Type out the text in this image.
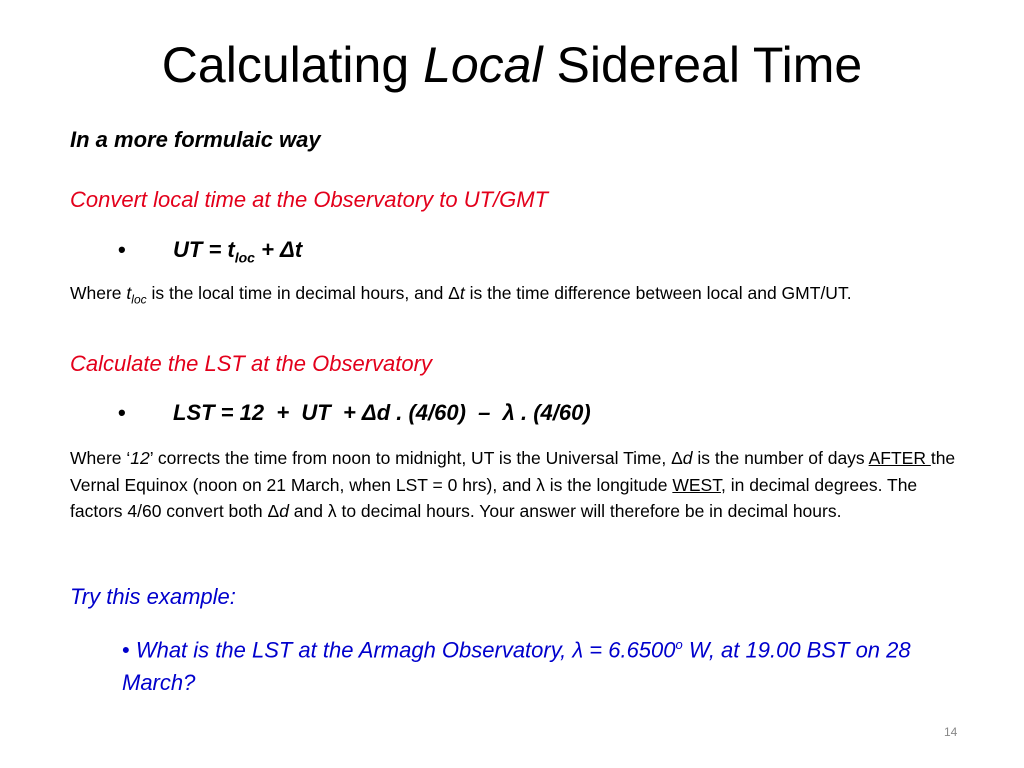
Calculating Local Sidereal Time
In a more formulaic way
Convert local time at the Observatory to UT/GMT
• UT = $t_{loc} + \Delta t$
Where $t_{loc}$ is the local time in decimal hours, and Δt is the time difference between local and GMT/UT.
Calculate the LST at the Observatory
• LST = 12  +  UT  + Δd . (4/60)  –  λ . (4/60)
Where ‘12’ corrects the time from noon to midnight, UT is the Universal Time, Δd is the number of days AFTER the Vernal Equinox (noon on 21 March, when LST = 0 hrs), and λ is the longitude WEST, in decimal degrees. The factors 4/60 convert both Δd and λ to decimal hours. Your answer will therefore be in decimal hours.
Try this example:
• What is the LST at the Armagh Observatory, $\lambda = 6.6500^o$ W, at 19.00 BST on 28 March?
14
